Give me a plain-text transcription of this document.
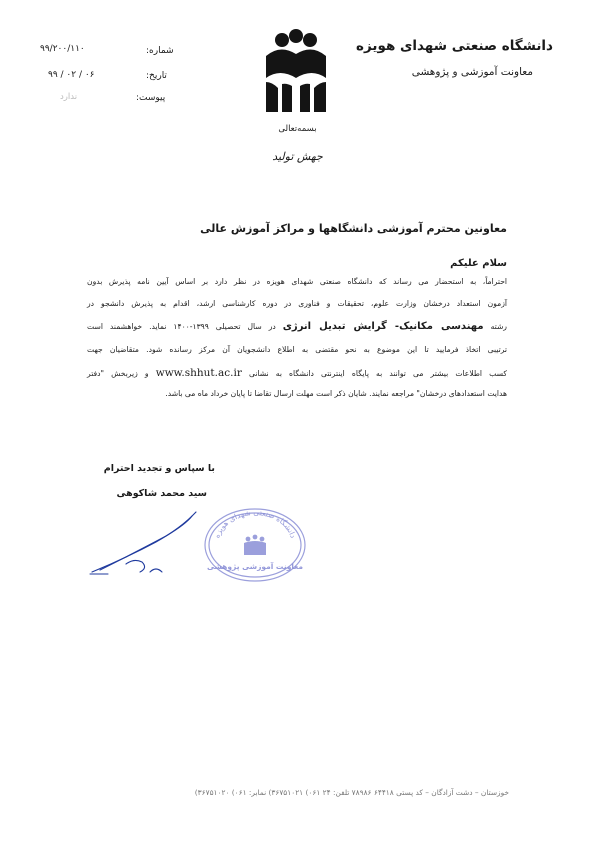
دانشگاه صنعتی شهدای هویزه
معاونت آموزشی و پژوهشی
شماره:
۹۹/۲۰۰/۱۱۰
تاریخ:
۹۹ / ۰۲ / ۰۶
پیوست:
ندارد
بسمه‌تعالی
جهش تولید
معاونین محترم آموزشی دانشگاهها و مراکز آموزش عالی
سلام علیکم
احتراماً، به استحضار می رساند که دانشگاه صنعتی شهدای هویزه در نظر دارد بر اساس آیین نامه پذیرش بدون
آزمون استعداد درخشان وزارت علوم، تحقیقات و فناوری در دوره کارشناسی ارشد، اقدام به پذیرش دانشجو در
رشته مهندسی مکانیک- گرایش تبدیل انرژی در سال تحصیلی ۱۳۹۹-۱۴۰۰ نماید. خواهشمند است
ترتیبی اتخاذ فرمایید تا این موضوع به نحو مقتضی به اطلاع دانشجویان آن مرکز رسانده شود. متقاضیان جهت
کسب اطلاعات بیشتر می توانند به پایگاه اینترنتی دانشگاه به نشانی www.shhut.ac.ir و زیربخش "دفتر
هدایت استعدادهای درخشان" مراجعه نمایند. شایان ذکر است مهلت ارسال تقاضا تا پایان خرداد ماه می باشد.
با سپاس و تجدید احترام
سید محمد شاکوهی
دانشگاه صنعتی شهدای هویزه
معاونت آموزشی پژوهشی
خوزستان – دشت آزادگان – کد پستی ۶۴۴۱۸ ۷۸۹۸۶ تلفن: ۲۴ ۰۶۱) ۳۶۷۵۱۰۲۱) نمابر: ۰۶۱) ۳۶۷۵۱۰۲۰)
